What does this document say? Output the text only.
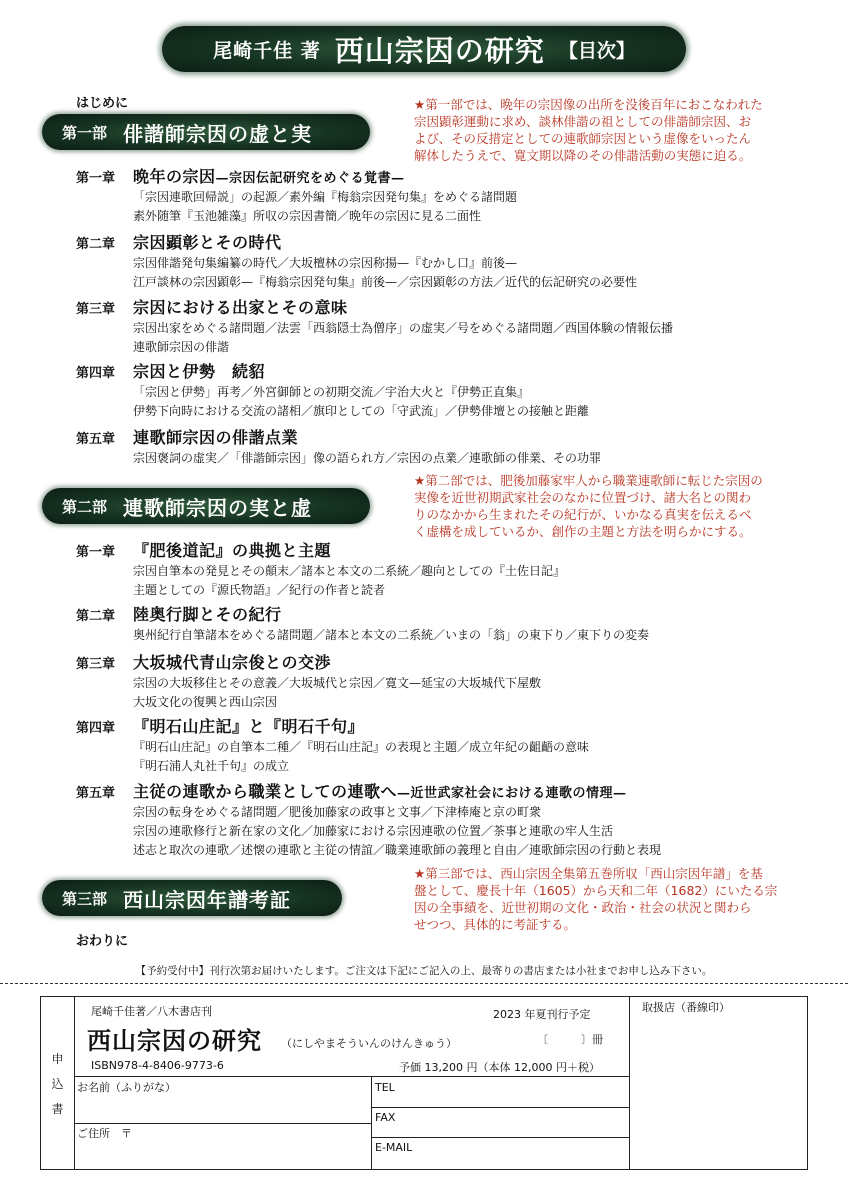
尾崎千佳 著 西山宗因の研究 【目次】
はじめに
第一部 俳諧師宗因の虚と実
★第一部では、晩年の宗因像の出所を没後百年におこなわれた
宗因顕彰運動に求め、談林俳諧の祖としての俳諧師宗因、お
よび、その反措定としての連歌師宗因という虚像をいったん
解体したうえで、寛文期以降のその俳諧活動の実態に迫る。
第一章	晩年の宗因—宗因伝記研究をめぐる覚書—
「宗因連歌回帰説」の起源／素外編『梅翁宗因発句集』をめぐる諸問題
素外随筆『玉池雑藻』所収の宗因書簡／晩年の宗因に見る二面性
第二章	宗因顕彰とその時代
宗因俳諧発句集編纂の時代／大坂檀林の宗因称揚—『むかし口』前後—
江戸談林の宗因顕彰—『梅翁宗因発句集』前後—／宗因顕彰の方法／近代的伝記研究の必要性
第三章	宗因における出家とその意味
宗因出家をめぐる諸問題／法雲「西翁隠士為僧序」の虚実／号をめぐる諸問題／西国体験の情報伝播
連歌師宗因の俳諧
第四章	宗因と伊勢　続貂
「宗因と伊勢」再考／外宮御師との初期交流／宇治大火と『伊勢正直集』
伊勢下向時における交流の諸相／旗印としての「守武流」／伊勢俳壇との接触と距離
第五章	連歌師宗因の俳諧点業
宗因褒詞の虚実／「俳諧師宗因」像の語られ方／宗因の点業／連歌師の俳業、その功罪
第二部 連歌師宗因の実と虚
★第二部では、肥後加藤家牢人から職業連歌師に転じた宗因の
実像を近世初期武家社会のなかに位置づけ、諸大名との関わ
りのなかから生まれたその紀行が、いかなる真実を伝えるべ
く虚構を成しているか、創作の主題と方法を明らかにする。
第一章	『肥後道記』の典拠と主題
宗因自筆本の発見とその顛末／諸本と本文の二系統／趣向としての『土佐日記』
主題としての『源氏物語』／紀行の作者と読者
第二章	陸奥行脚とその紀行
奥州紀行自筆諸本をめぐる諸問題／諸本と本文の二系統／いまの「翁」の東下り／東下りの変奏
第三章	大坂城代青山宗俊との交渉
宗因の大坂移住とその意義／大坂城代と宗因／寛文—延宝の大坂城代下屋敷
大坂文化の復興と西山宗因
第四章	『明石山庄記』と『明石千句』
『明石山庄記』の自筆本二種／『明石山庄記』の表現と主題／成立年紀の齟齬の意味
『明石浦人丸社千句』の成立
第五章	主従の連歌から職業としての連歌へ—近世武家社会における連歌の情理—
宗因の転身をめぐる諸問題／肥後加藤家の政事と文事／下津棒庵と京の町衆
宗因の連歌修行と新在家の文化／加藤家における宗因連歌の位置／茶事と連歌の牢人生活
述志と取次の連歌／述懐の連歌と主従の情誼／職業連歌師の義理と自由／連歌師宗因の行動と表現
第三部 西山宗因年譜考証
★第三部では、西山宗因全集第五巻所収「西山宗因年譜」を基
盤として、慶長十年（1605）から天和二年（1682）にいたる宗
因の全事績を、近世初期の文化・政治・社会の状況と関わら
せつつ、具体的に考証する。
おわりに
【予約受付中】刊行次第お届けいたします。ご注文は下記にご記入の上、最寄りの書店または小社までお申し込み下さい。
申
込
書
尾崎千佳著／八木書店刊	2023 年夏刊行予定
西山宗因の研究 （にしやまそういんのけんきゅう）	〔　　　〕冊
ISBN978-4-8406-9773-6	予価 13,200 円（本体 12,000 円＋税）
お名前（ふりがな）
ご住所　〒
TEL
FAX
E-MAIL
取扱店（番線印）
